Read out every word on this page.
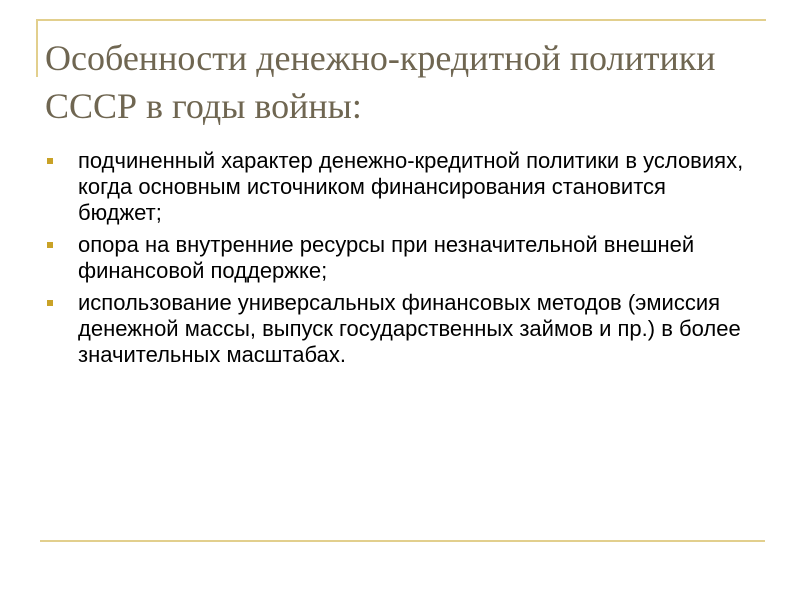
Особенности денежно-кредитной политики СССР в годы войны:
подчиненный характер денежно-кредитной политики в условиях, когда основным источником финансирования становится бюджет;
опора на внутренние ресурсы при незначительной внешней финансовой поддержке;
использование универсальных финансовых методов (эмиссия денежной массы, выпуск государственных займов и пр.) в более значительных масштабах.
